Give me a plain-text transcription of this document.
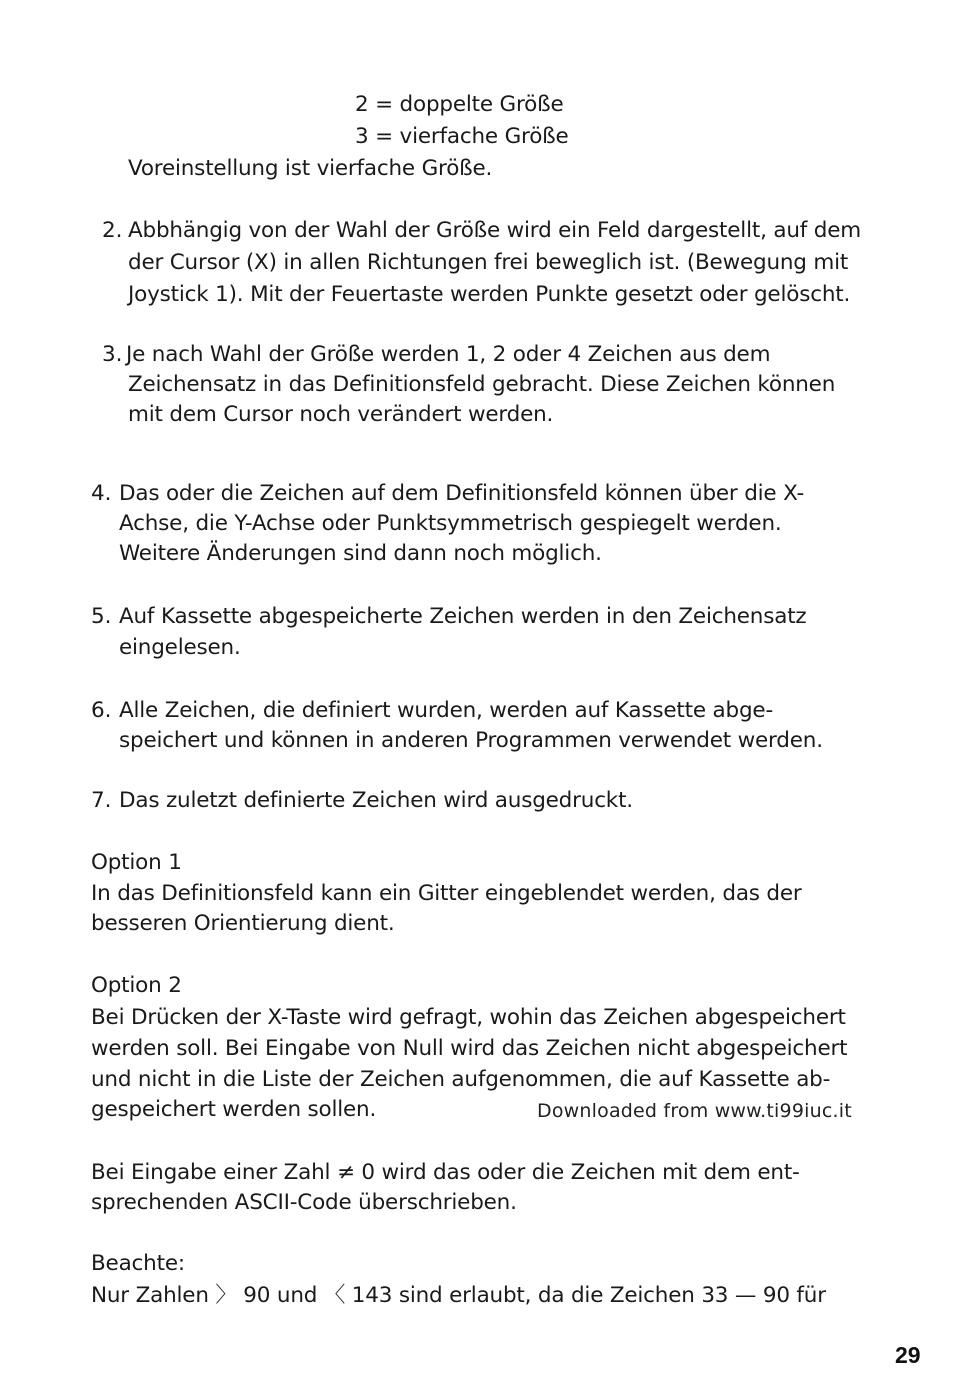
2 = doppelte Größe
3 = vierfache Größe
Voreinstellung ist vierfache Größe.
2. Abbhängig von der Wahl der Größe wird ein Feld dargestellt, auf dem
der Cursor (X) in allen Richtungen frei beweglich ist. (Bewegung mit
Joystick 1). Mit der Feuertaste werden Punkte gesetzt oder gelöscht.
3. Je nach Wahl der Größe werden 1, 2 oder 4 Zeichen aus dem
Zeichensatz in das Definitionsfeld gebracht. Diese Zeichen können
mit dem Cursor noch verändert werden.
4. Das oder die Zeichen auf dem Definitionsfeld können über die X-
Achse, die Y-Achse oder Punktsymmetrisch gespiegelt werden.
Weitere Änderungen sind dann noch möglich.
5. Auf Kassette abgespeicherte Zeichen werden in den Zeichensatz
eingelesen.
6. Alle Zeichen, die definiert wurden, werden auf Kassette abge-
speichert und können in anderen Programmen verwendet werden.
7. Das zuletzt definierte Zeichen wird ausgedruckt.
Option 1
In das Definitionsfeld kann ein Gitter eingeblendet werden, das der
besseren Orientierung dient.
Option 2
Bei Drücken der X-Taste wird gefragt, wohin das Zeichen abgespeichert
werden soll. Bei Eingabe von Null wird das Zeichen nicht abgespeichert
und nicht in die Liste der Zeichen aufgenommen, die auf Kassette ab-
gespeichert werden sollen.	Downloaded from www.ti99iuc.it
Bei Eingabe einer Zahl ≠ 0 wird das oder die Zeichen mit dem ent-
sprechenden ASCII-Code überschrieben.
Beachte:
Nur Zahlen 〉 90 und 〈 143 sind erlaubt, da die Zeichen 33 — 90 für
29
